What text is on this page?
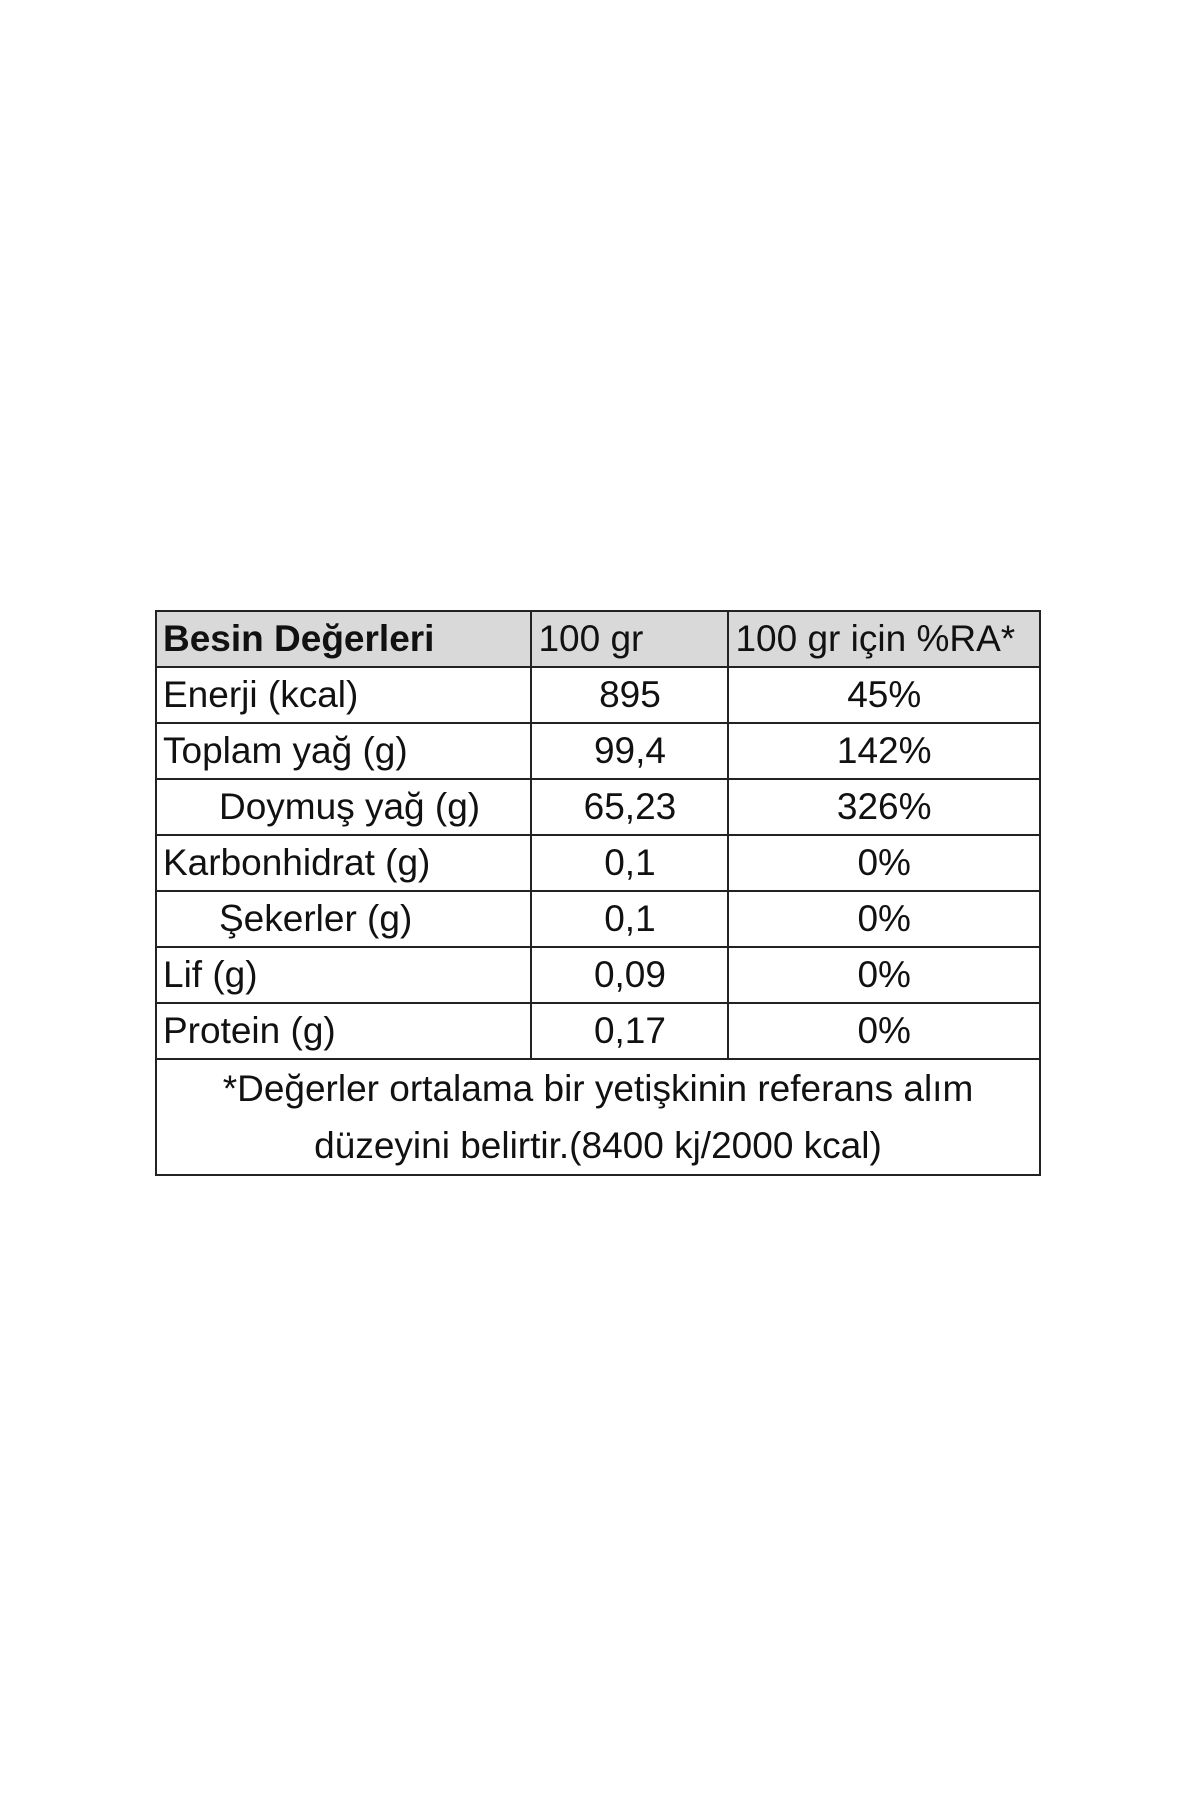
Besin Değerleri	100 gr	100 gr için %RA*
Enerji (kcal)	895	45%
Toplam yağ (g)	99,4	142%
Doymuş yağ (g)	65,23	326%
Karbonhidrat (g)	0,1	0%
Şekerler (g)	0,1	0%
Lif (g)	0,09	0%
Protein (g)	0,17	0%
*Değerler ortalama bir yetişkinin referans alım düzeyini belirtir.(8400 kj/2000 kcal)		
